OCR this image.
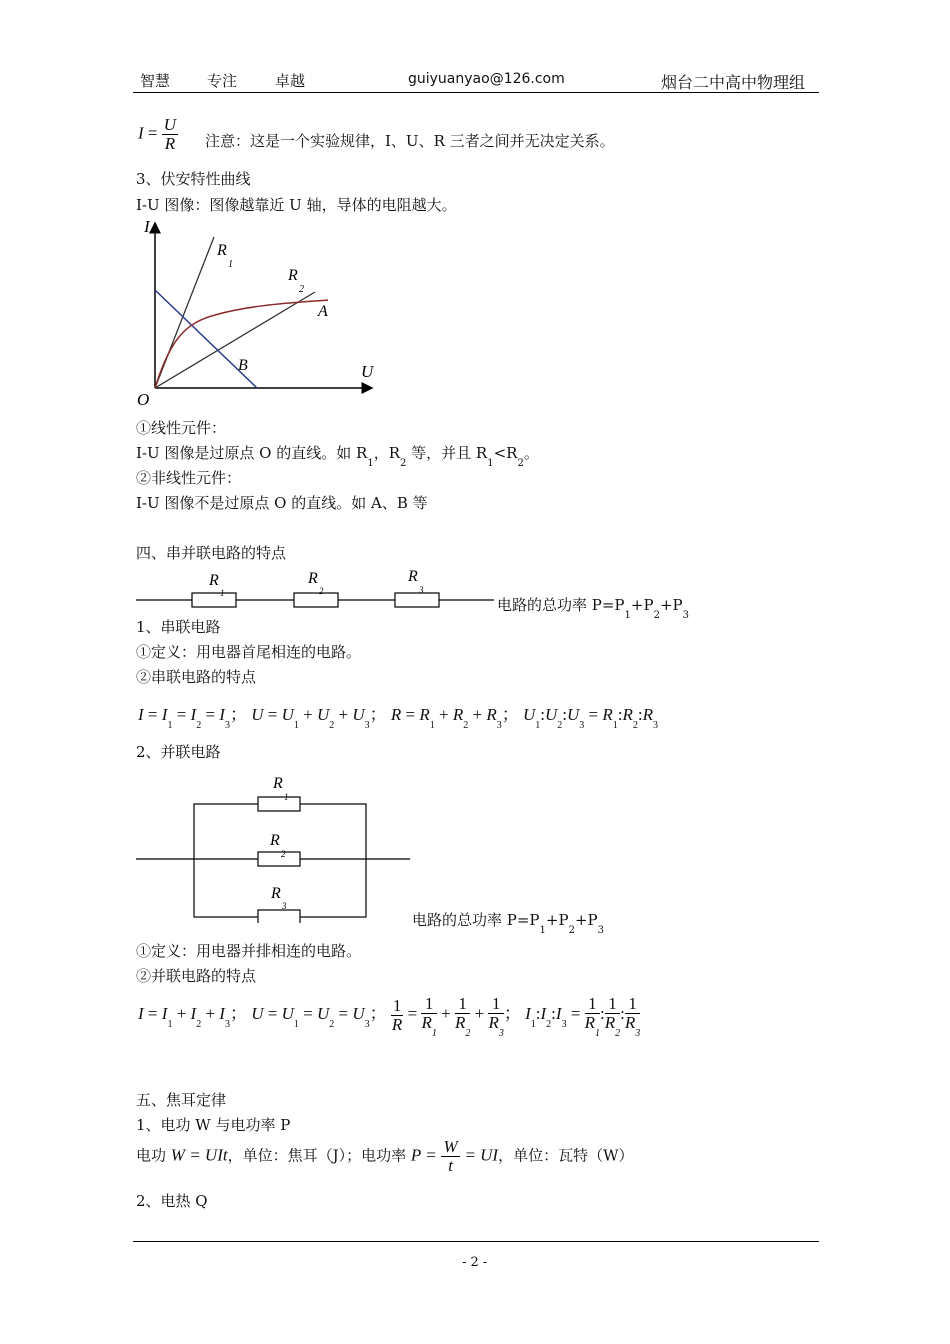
智慧 专注	卓越	guiyuanyao@126.com	烟台二中高中物理组
$I = \frac{U}{R}$ 注意：这是一个实验规律，I、U、R 三者之间并无决定关系。
3、伏安特性曲线
I-U 图像：图像越靠近 U 轴，导体的电阻越大。
I
U
O
R
1
R
2
A
B
①线性元件：
I-U 图像是过原点 O 的直线。如 $R_1$，$R_2$ 等，并且 $R_1<R_2$。
②非线性元件：
I-U 图像不是过原点 O 的直线。如 A、B 等
四、串并联电路的特点
R
1
R
2
R
3
电路的总功率 $P=P_1+P_2+P_3$
1、串联电路
①定义：用电器首尾相连的电路。
②串联电路的特点
$I = I_1 = I_2 = I_3$； $U = U_1 + U_2 + U_3$； $R = R_1 + R_2 + R_3$； $U_1:U_2:U_3$ = $R_1:R_2:R_3$
2、并联电路
R
1
R
2
R
3
电路的总功率 $P=P_1+P_2+P_3$
①定义：用电器并排相连的电路。
②并联电路的特点
$I = I_1 + I_2 + I_3$； $U = U_1 = U_2 = U_3$； $\frac{1}{R} = \frac{1}{R_1} + \frac{1}{R_2} + \frac{1}{R_3}$ ； $I_1:I_2:I_3 = \frac{1}{R_1}$ : $\frac{1}{R_2}$ : $\frac{1}{R_3}$
五、焦耳定律
1、电功 W 与电功率 P
电功 W = UIt，单位：焦耳（J）；电功率 $P = \frac{W}{t}$ = UI，单位：瓦特（W）
2、电热 Q
- 2 -
